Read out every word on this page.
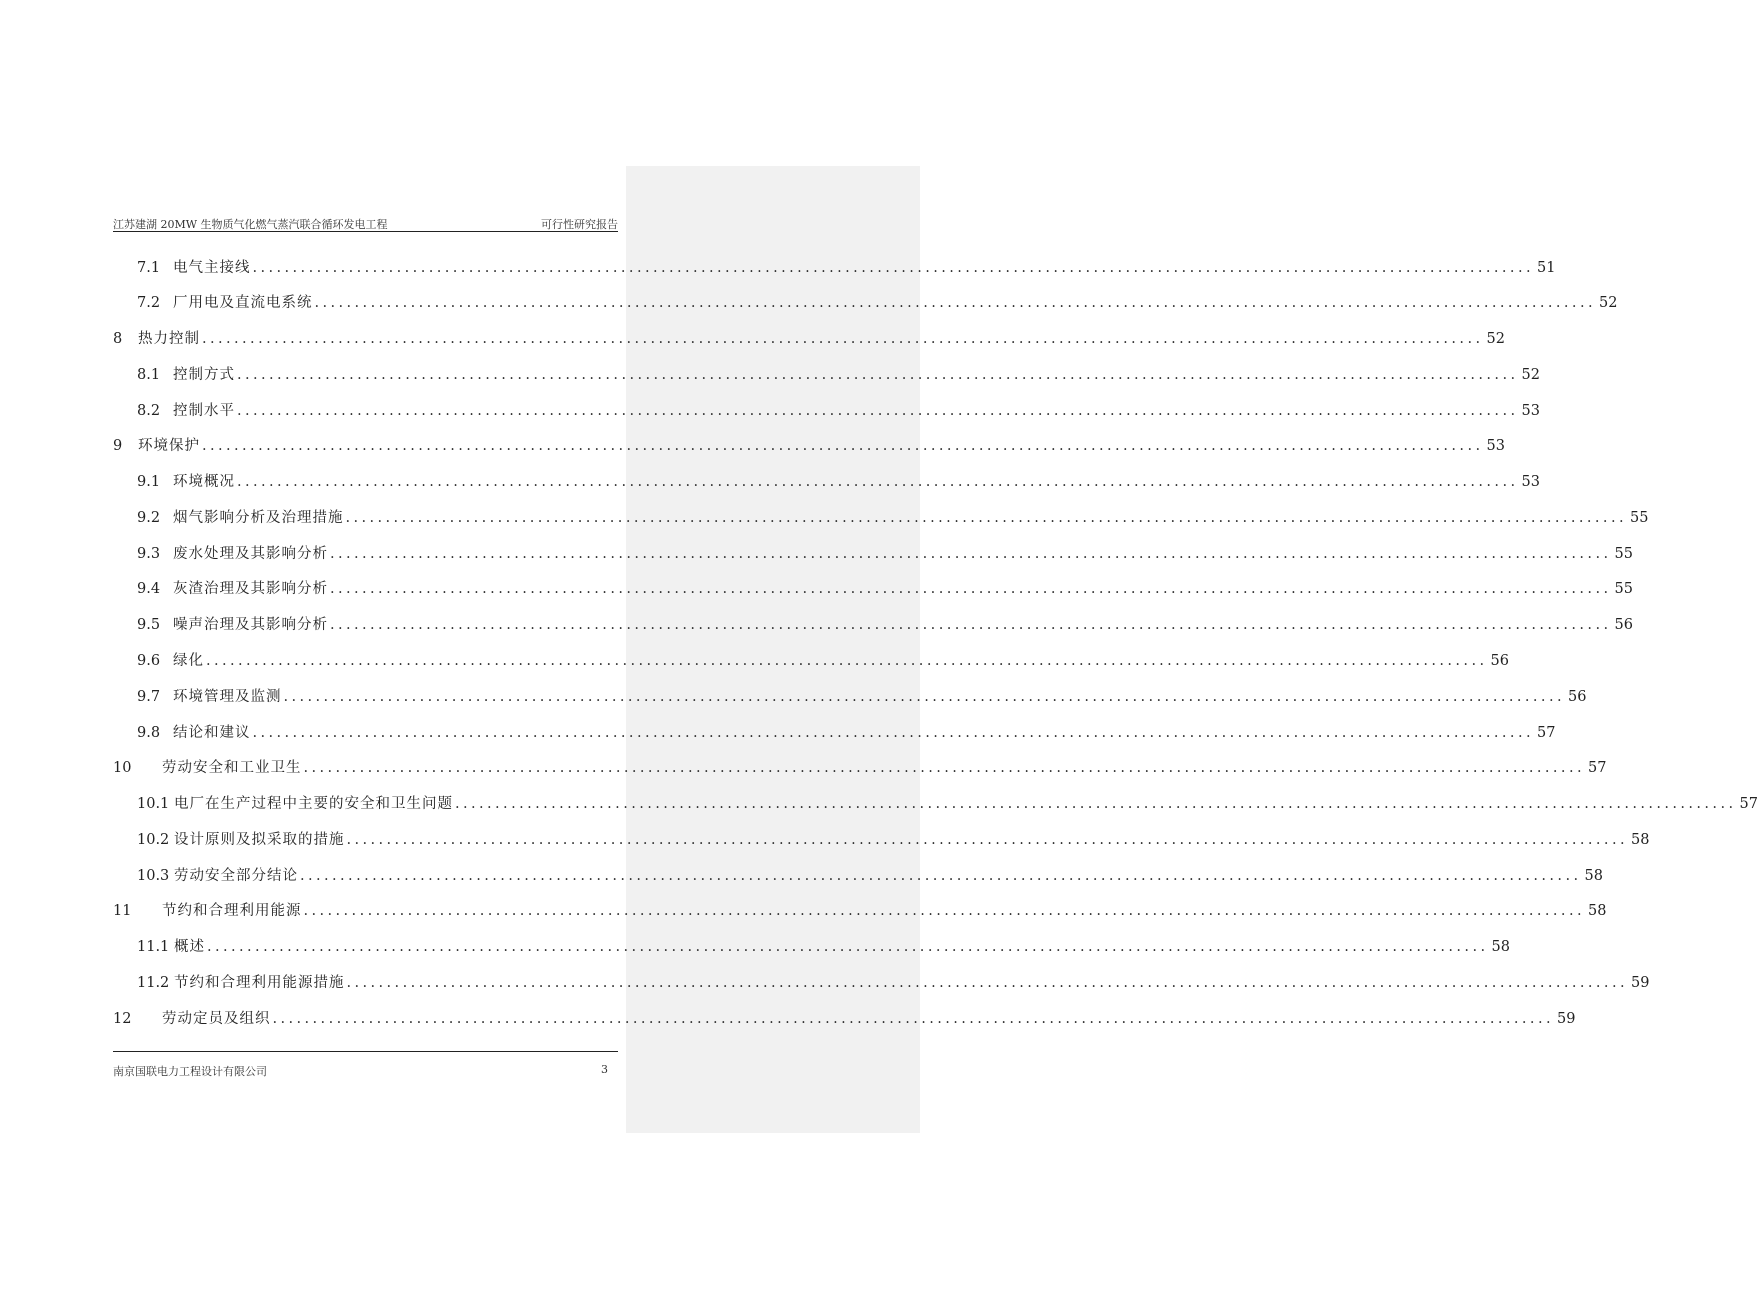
江苏建湖 20MW 生物质气化燃气蒸汽联合循环发电工程	可行性研究报告
7.1 电气主接线 ................................................................................................................................................................ 51
7.2 厂用电及直流电系统 ................................................................................................................................................................ 52
8	热力控制 ................................................................................................................................................................ 52
8.1 控制方式 ................................................................................................................................................................ 52
8.2 控制水平 ................................................................................................................................................................ 53
9	环境保护 ................................................................................................................................................................ 53
9.1 环境概况 ................................................................................................................................................................ 53
9.2 烟气影响分析及治理措施 ................................................................................................................................................................ 55
9.3 废水处理及其影响分析 ................................................................................................................................................................ 55
9.4 灰渣治理及其影响分析 ................................................................................................................................................................ 55
9.5 噪声治理及其影响分析 ................................................................................................................................................................ 56
9.6 绿化 ................................................................................................................................................................ 56
9.7 环境管理及监测 ................................................................................................................................................................ 56
9.8 结论和建议 ................................................................................................................................................................ 57
10	劳动安全和工业卫生 ................................................................................................................................................................ 57
10.1 电厂在生产过程中主要的安全和卫生问题 ................................................................................................................................................................ 57
10.2 设计原则及拟采取的措施 ................................................................................................................................................................ 58
10.3 劳动安全部分结论 ................................................................................................................................................................ 58
11	节约和合理利用能源 ................................................................................................................................................................ 58
11.1 概述 ................................................................................................................................................................ 58
11.2 节约和合理利用能源措施 ................................................................................................................................................................ 59
12	劳动定员及组织 ................................................................................................................................................................ 59
南京国联电力工程设计有限公司	3
